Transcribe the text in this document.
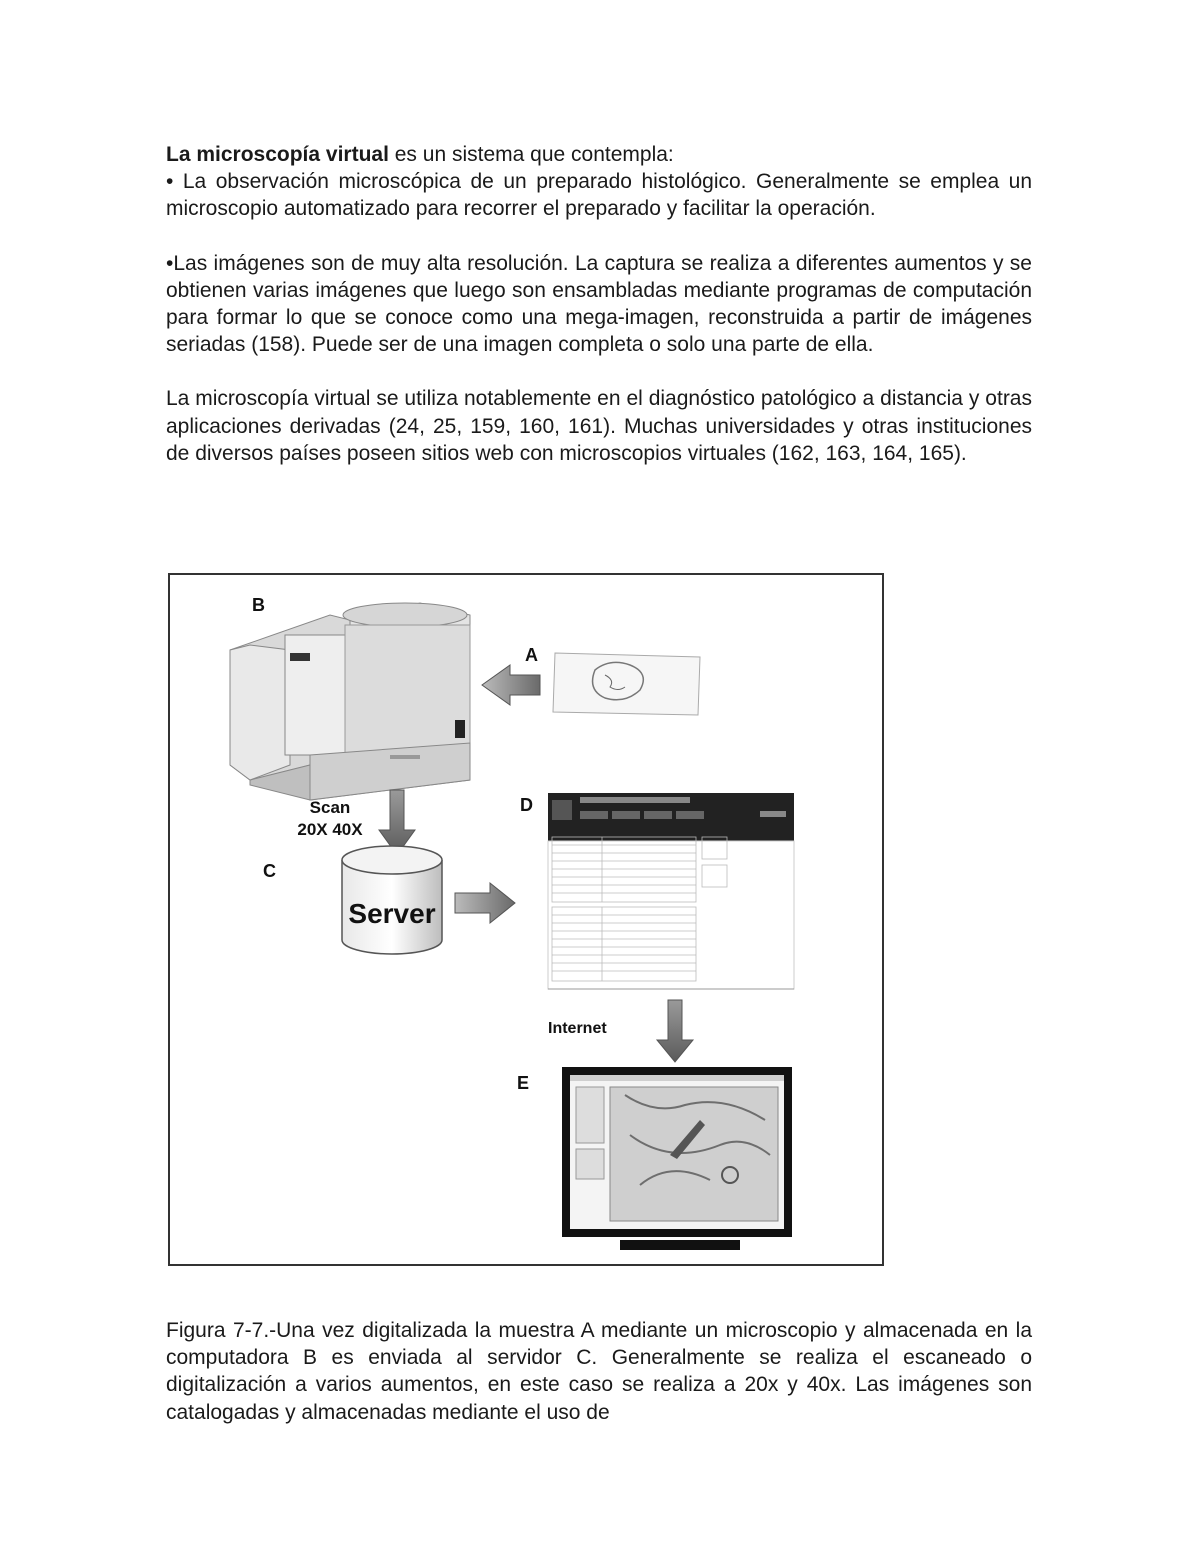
La microscopía virtual es un sistema que contempla:

• La observación microscópica de un preparado histológico. Generalmente se emplea un microscopio automatizado para recorrer el preparado y facilitar la operación.

•Las imágenes son de muy alta resolución. La captura se realiza a diferentes aumentos y se obtienen varias imágenes que luego son ensambladas mediante programas de computación para formar lo que se conoce como una mega-imagen, reconstruida a partir de imágenes seriadas (158). Puede ser de una imagen completa o solo una parte de ella.

La microscopía virtual se utiliza notablemente en el diagnóstico patológico a distancia y otras aplicaciones derivadas (24, 25, 159, 160, 161). Muchas universidades y otras instituciones de diversos países poseen sitios web con microscopios virtuales (162, 163, 164, 165).

Server
B
A
C
D
E
Scan
20X 40X
Internet

Figura 7-7.-Una vez digitalizada la muestra A mediante un microscopio y almacenada en la computadora B es enviada al servidor C. Generalmente se realiza el escaneado o digitalización a varios aumentos, en este caso se realiza a 20x y 40x. Las imágenes son catalogadas y almacenadas mediante el uso de
